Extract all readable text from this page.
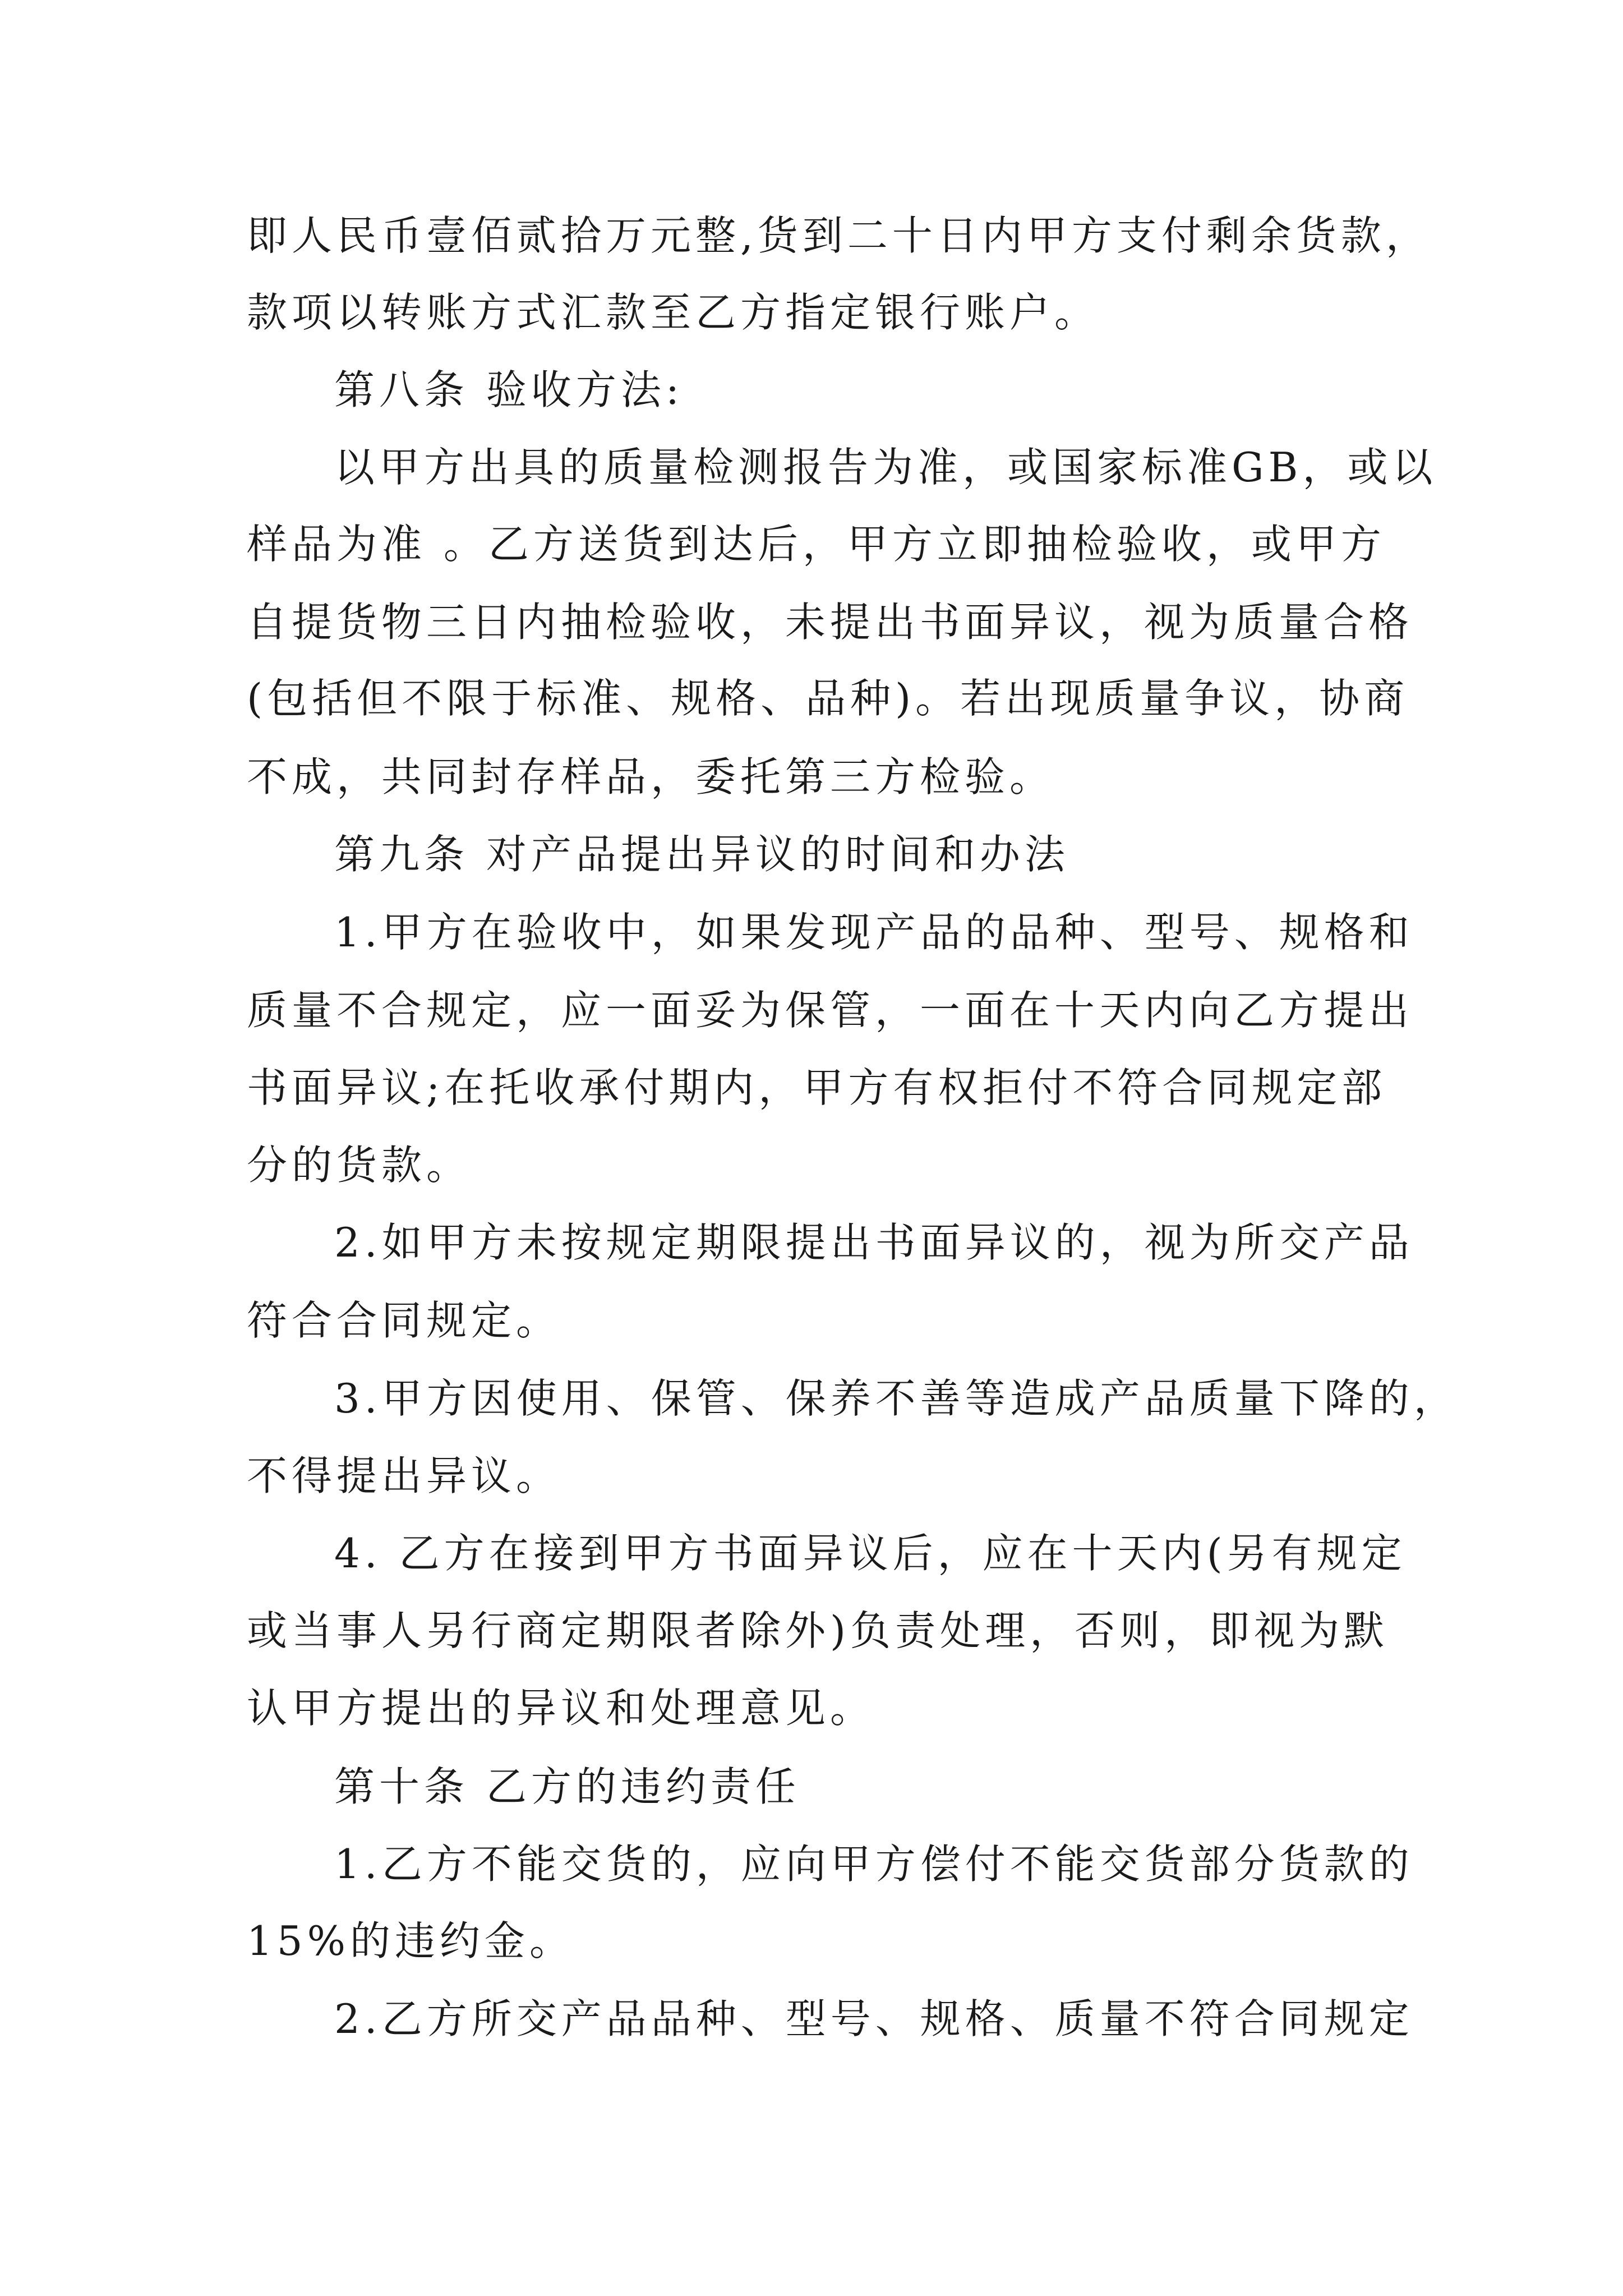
即人民币壹佰贰拾万元整,货到二十日内甲方支付剩余货款，
款项以转账方式汇款至乙方指定银行账户。
第八条 验收方法:
以甲方出具的质量检测报告为准，或国家标准GB，或以
样品为准 。乙方送货到达后，甲方立即抽检验收，或甲方
自提货物三日内抽检验收，未提出书面异议，视为质量合格
(包括但不限于标准、规格、品种)。若出现质量争议，协商
不成，共同封存样品，委托第三方检验。
第九条 对产品提出异议的时间和办法
1.甲方在验收中，如果发现产品的品种、型号、规格和
质量不合规定，应一面妥为保管，一面在十天内向乙方提出
书面异议;在托收承付期内，甲方有权拒付不符合同规定部
分的货款。
2.如甲方未按规定期限提出书面异议的，视为所交产品
符合合同规定。
3.甲方因使用、保管、保养不善等造成产品质量下降的，
不得提出异议。
4. 乙方在接到甲方书面异议后，应在十天内(另有规定
或当事人另行商定期限者除外)负责处理，否则，即视为默
认甲方提出的异议和处理意见。
第十条 乙方的违约责任
1.乙方不能交货的，应向甲方偿付不能交货部分货款的
15%的违约金。
2.乙方所交产品品种、型号、规格、质量不符合同规定
